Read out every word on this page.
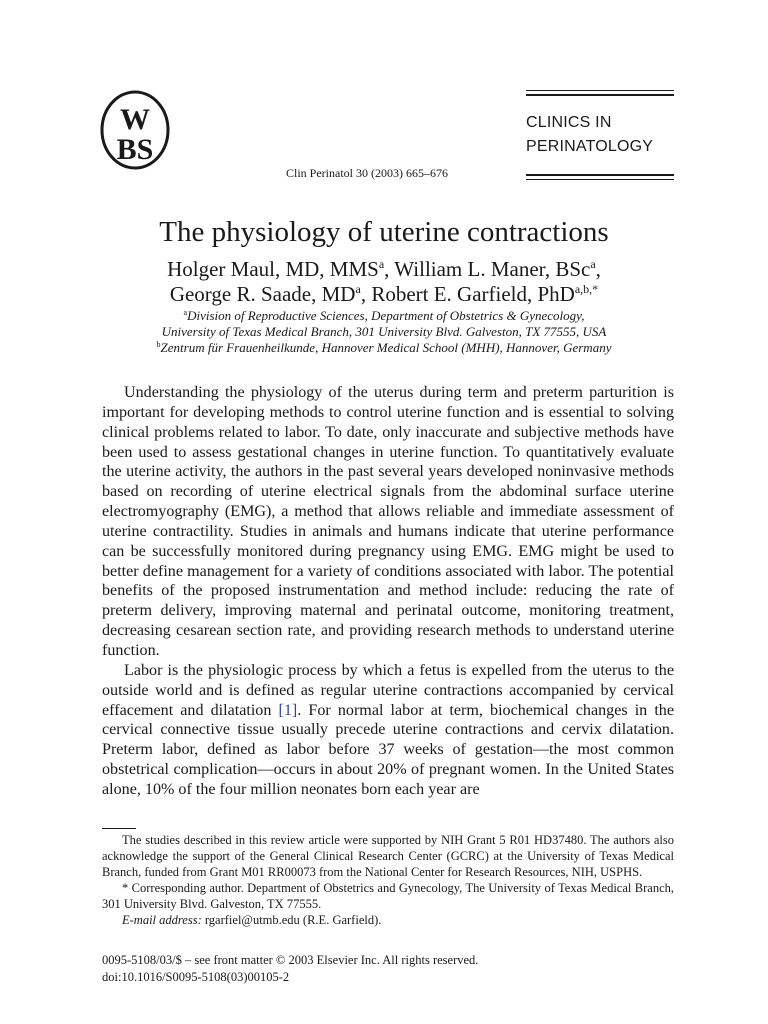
W
BS
CLINICS IN
PERINATOLOGY
Clin Perinatol 30 (2003) 665–676
The physiology of uterine contractions
Holger Maul, MD, MMS$^a$, William L. Maner, BSc$^a$,
George R. Saade, $MD^a$, Robert E. Garfield, PhD$^{a,b,*}$
$^a$Division of Reproductive Sciences, Department of Obstetrics & Gynecology,
University of Texas Medical Branch, 301 University Blvd. Galveston, TX 77555, USA
$^b$Zentrum für Frauenheilkunde, Hannover Medical School (MHH), Hannover, Germany

Understanding the physiology of the uterus during term and preterm parturition is important for developing methods to control uterine function and is essential to solving clinical problems related to labor. To date, only inaccurate and subjective methods have been used to assess gestational changes in uterine function. To quantitatively evaluate the uterine activity, the authors in the past several years developed noninvasive methods based on recording of uterine electrical signals from the abdominal surface uterine electromyography (EMG), a method that allows reliable and immediate assessment of uterine contractility. Studies in animals and humans indicate that uterine performance can be successfully monitored during pregnancy using EMG. EMG might be used to better define management for a variety of conditions associated with labor. The potential benefits of the proposed instrumentation and method include: reducing the rate of preterm delivery, improving maternal and perinatal outcome, monitoring treatment, decreasing cesarean section rate, and providing research methods to understand uterine function.

Labor is the physiologic process by which a fetus is expelled from the uterus to the outside world and is defined as regular uterine contractions accompanied by cervical effacement and dilatation [1]. For normal labor at term, biochemical changes in the cervical connective tissue usually precede uterine contractions and cervix dilatation. Preterm labor, defined as labor before 37 weeks of gestation—the most common obstetrical complication—occurs in about 20% of pregnant women. In the United States alone, 10% of the four million neonates born each year are

The studies described in this review article were supported by NIH Grant 5 R01 HD37480. The authors also acknowledge the support of the General Clinical Research Center (GCRC) at the University of Texas Medical Branch, funded from Grant M01 RR00073 from the National Center for Research Resources, NIH, USPHS.

* Corresponding author. Department of Obstetrics and Gynecology, The University of Texas Medical Branch, 301 University Blvd. Galveston, TX 77555.

E-mail address: rgarfiel@utmb.edu (R.E. Garfield).

0095-5108/03/$ – see front matter © 2003 Elsevier Inc. All rights reserved.
doi:10.1016/S0095-5108(03)00105-2
